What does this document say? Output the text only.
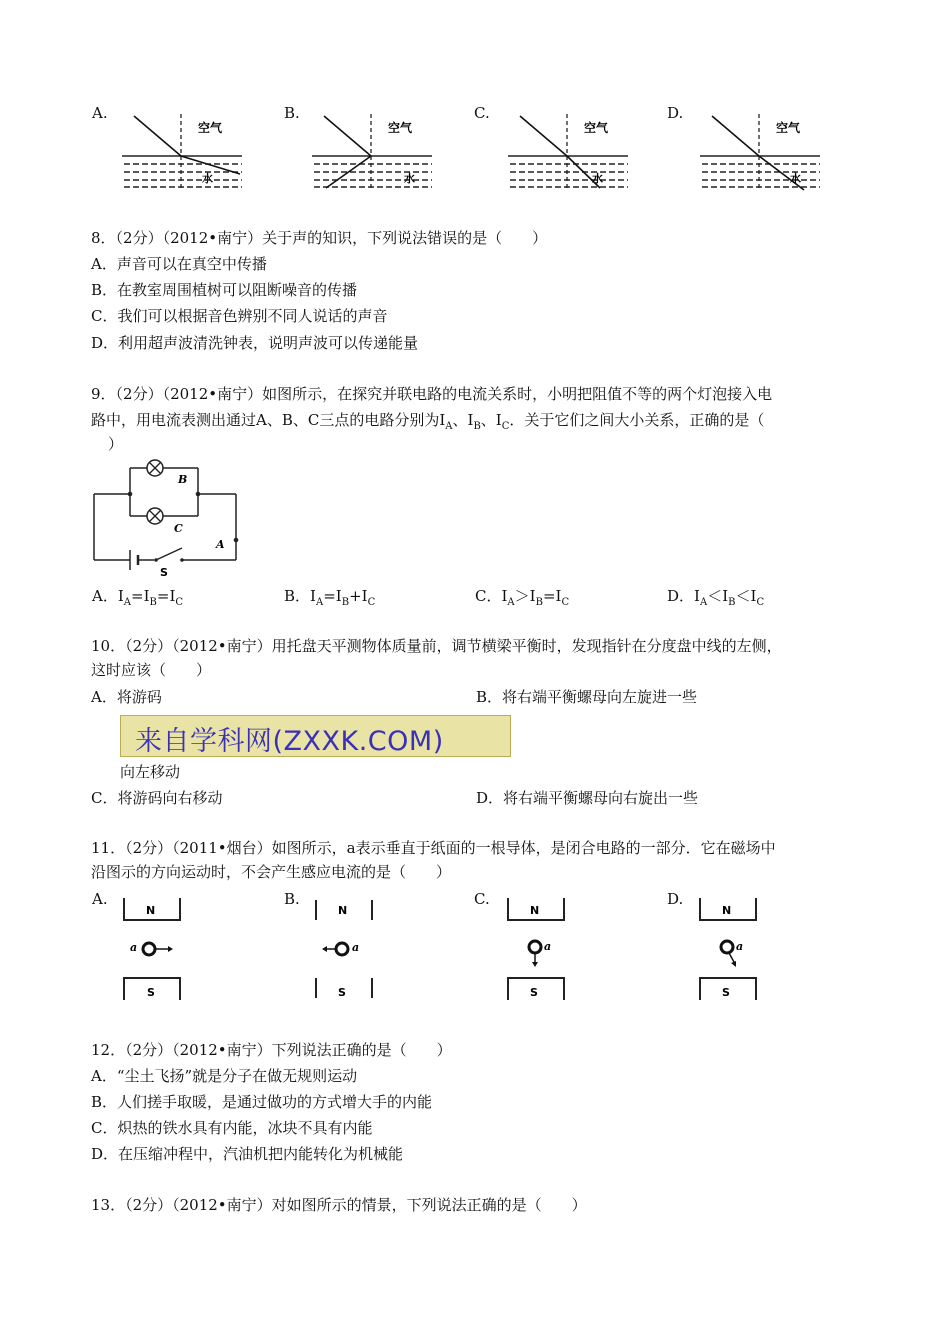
A.	B.	C.	D.
空气
水
空气
水
空气
水
空气
水
8．（2分）（2012•南宁）关于声的知识，下列说法错误的是（　　）
A．声音可以在真空中传播
B．在教室周围植树可以阻断噪音的传播
C．我们可以根据音色辨别不同人说话的声音
D．利用超声波清洗钟表，说明声波可以传递能量
9．（2分）（2012•南宁）如图所示，在探究并联电路的电流关系时，小明把阻值不等的两个灯泡接入电
路中，用电流表测出通过A、B、C三点的电路分别为$I_A$、$I_B$、$I_C$．关于它们之间大小关系，正确的是（
）
B
C
A
S
A．$I_A=I_B=I_C$	B．$I_A=I_B+I_C$	C．$I_A>I_B=I_C$	D．$I_A<I_B<I_C$
10．（2分）（2012•南宁）用托盘天平测物体质量前，调节横梁平衡时，发现指针在分度盘中线的左侧，
这时应该（　　）
A．将游码	B．将右端平衡螺母向左旋进一些
来自学科网(ZXXK.COM)
向左移动
C．将游码向右移动	D．将右端平衡螺母向右旋出一些
11．（2分）（2011•烟台）如图所示，a表示垂直于纸面的一根导体，是闭合电路的一部分．它在磁场中
沿图示的方向运动时，不会产生感应电流的是（　　）
A.	B.	C.	D.
N
S
a
N
S
a
N
S
a
N
S
a
12．（2分）（2012•南宁）下列说法正确的是（　　）
A．“尘土飞扬”就是分子在做无规则运动
B．人们搓手取暖，是通过做功的方式增大手的内能
C．炽热的铁水具有内能，冰块不具有内能
D．在压缩冲程中，汽油机把内能转化为机械能
13．（2分）（2012•南宁）对如图所示的情景，下列说法正确的是（　　）
